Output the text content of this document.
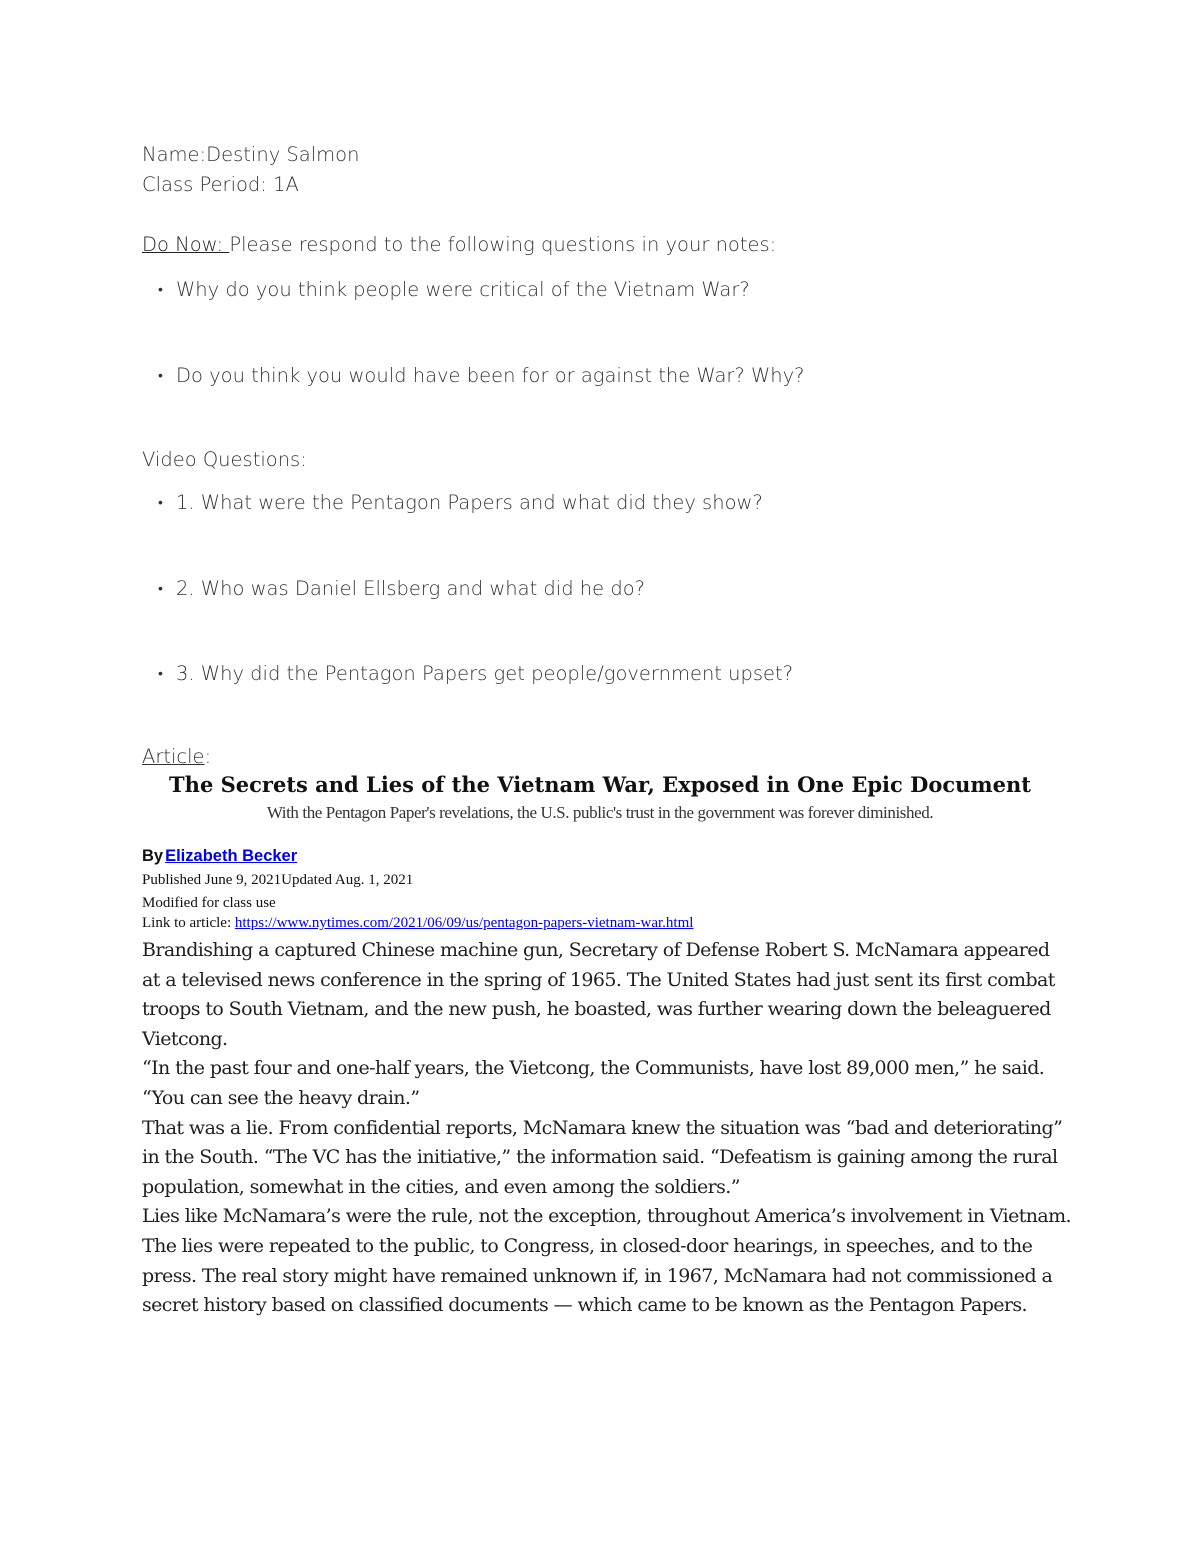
Name:Destiny Salmon
Class Period: 1A
Do Now: Please respond to the following questions in your notes:
• Why do you think people were critical of the Vietnam War?
• Do you think you would have been for or against the War? Why?
Video Questions:
• 1. What were the Pentagon Papers and what did they show?
• 2. Who was Daniel Ellsberg and what did he do?
• 3. Why did the Pentagon Papers get people/government upset?
Article:
The Secrets and Lies of the Vietnam War, Exposed in One Epic Document
With the Pentagon Paper's revelations, the U.S. public's trust in the government was forever diminished.
By Elizabeth Becker
Published June 9, 2021Updated Aug. 1, 2021
Modified for class use
Link to article: https://www.nytimes.com/2021/06/09/us/pentagon-papers-vietnam-war.html

Brandishing a captured Chinese machine gun, Secretary of Defense Robert S. McNamara appeared at a televised news conference in the spring of 1965. The United States had just sent its first combat troops to South Vietnam, and the new push, he boasted, was further wearing down the beleaguered Vietcong.

“In the past four and one-half years, the Vietcong, the Communists, have lost 89,000 men,” he said. “You can see the heavy drain.”

That was a lie. From confidential reports, McNamara knew the situation was “bad and deteriorating” in the South. “The VC has the initiative,” the information said. “Defeatism is gaining among the rural population, somewhat in the cities, and even among the soldiers.”

Lies like McNamara’s were the rule, not the exception, throughout America’s involvement in Vietnam. The lies were repeated to the public, to Congress, in closed-door hearings, in speeches, and to the press. The real story might have remained unknown if, in 1967, McNamara had not commissioned a secret history based on classified documents — which came to be known as the Pentagon Papers.
